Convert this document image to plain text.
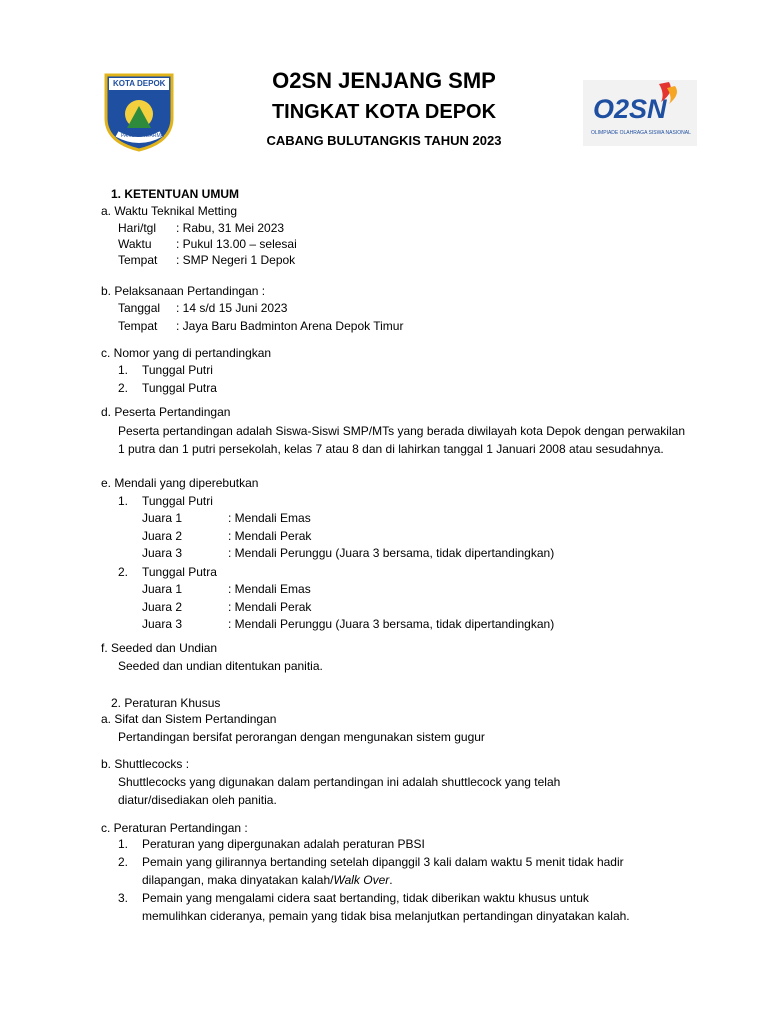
KOTA DEPOK
PANCARA DARMA
O2SN
OLIMPIADE OLAHRAGA SISWA NASIONAL
O2SN JENJANG SMP
TINGKAT KOTA DEPOK
CABANG BULUTANGKIS TAHUN 2023
1. KETENTUAN UMUM
a. Waktu Teknikal Metting
Hari/tgl : Rabu, 31 Mei 2023
Waktu : Pukul 13.00 – selesai
Tempat : SMP Negeri 1 Depok
b. Pelaksanaan Pertandingan :
Tanggal : 14 s/d 15 Juni 2023
Tempat : Jaya Baru Badminton Arena Depok Timur
c. Nomor yang di pertandingkan
1. Tunggal Putri
2. Tunggal Putra
d. Peserta Pertandingan
Peserta pertandingan adalah Siswa-Siswi SMP/MTs yang berada diwilayah kota Depok dengan perwakilan 1 putra dan 1 putri persekolah, kelas 7 atau 8 dan di lahirkan tanggal 1 Januari 2008 atau sesudahnya.
e. Mendali yang diperebutkan
1. Tunggal Putri
Juara 1	: Mendali Emas
Juara 2	: Mendali Perak
Juara 3	: Mendali Perunggu (Juara 3 bersama, tidak dipertandingkan)
2. Tunggal Putra
Juara 1	: Mendali Emas
Juara 2	: Mendali Perak
Juara 3	: Mendali Perunggu (Juara 3 bersama, tidak dipertandingkan)
f. Seeded dan Undian
Seeded dan undian ditentukan panitia.
2. Peraturan Khusus
a. Sifat dan Sistem Pertandingan
Pertandingan bersifat perorangan dengan mengunakan sistem gugur
b. Shuttlecocks :
Shuttlecocks yang digunakan dalam pertandingan ini adalah shuttlecock yang telah
diatur/disediakan oleh panitia.
c. Peraturan Pertandingan :
1. Peraturan yang dipergunakan adalah peraturan PBSI
2. Pemain yang gilirannya bertanding setelah dipanggil 3 kali dalam waktu 5 menit tidak hadir
dilapangan, maka dinyatakan kalah/Walk Over.
3. Pemain yang mengalami cidera saat bertanding, tidak diberikan waktu khusus untuk
memulihkan cideranya, pemain yang tidak bisa melanjutkan pertandingan dinyatakan kalah.
